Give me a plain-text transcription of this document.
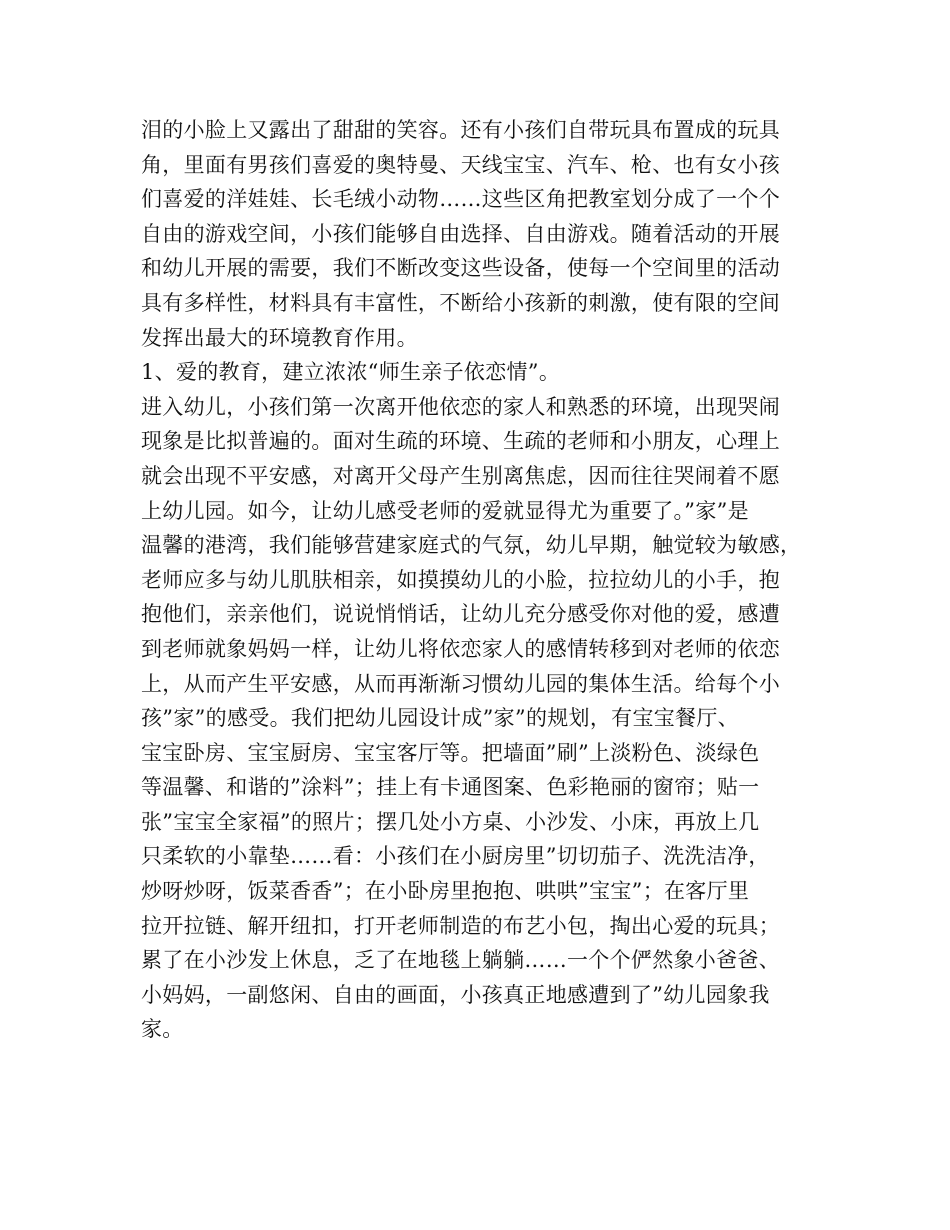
泪的小脸上又露出了甜甜的笑容。还有小孩们自带玩具布置成的玩具
角，里面有男孩们喜爱的奥特曼、天线宝宝、汽车、枪、也有女小孩
们喜爱的洋娃娃、长毛绒小动物……这些区角把教室划分成了一个个
自由的游戏空间，小孩们能够自由选择、自由游戏。随着活动的开展
和幼儿开展的需要，我们不断改变这些设备，使每一个空间里的活动
具有多样性，材料具有丰富性，不断给小孩新的刺激，使有限的空间
发挥出最大的环境教育作用。
1、爱的教育，建立浓浓“师生亲子依恋情”。
进入幼儿，小孩们第一次离开他依恋的家人和熟悉的环境，出现哭闹
现象是比拟普遍的。面对生疏的环境、生疏的老师和小朋友，心理上
就会出现不平安感，对离开父母产生别离焦虑，因而往往哭闹着不愿
上幼儿园。如今，让幼儿感受老师的爱就显得尤为重要了。”家”是
温馨的港湾，我们能够营建家庭式的气氛，幼儿早期，触觉较为敏感，
老师应多与幼儿肌肤相亲，如摸摸幼儿的小脸，拉拉幼儿的小手，抱
抱他们，亲亲他们，说说悄悄话，让幼儿充分感受你对他的爱，感遭
到老师就象妈妈一样，让幼儿将依恋家人的感情转移到对老师的依恋
上，从而产生平安感，从而再渐渐习惯幼儿园的集体生活。给每个小
孩”家”的感受。我们把幼儿园设计成”家”的规划，有宝宝餐厅、
宝宝卧房、宝宝厨房、宝宝客厅等。把墙面”刷”上淡粉色、淡绿色
等温馨、和谐的”涂料”；挂上有卡通图案、色彩艳丽的窗帘；贴一
张”宝宝全家福”的照片；摆几处小方桌、小沙发、小床，再放上几
只柔软的小靠垫……看：小孩们在小厨房里”切切茄子、洗洗洁净，
炒呀炒呀，饭菜香香”；在小卧房里抱抱、哄哄”宝宝”；在客厅里
拉开拉链、解开纽扣，打开老师制造的布艺小包，掏出心爱的玩具；
累了在小沙发上休息，乏了在地毯上躺躺……一个个俨然象小爸爸、
小妈妈，一副悠闲、自由的画面，小孩真正地感遭到了”幼儿园象我
家。
